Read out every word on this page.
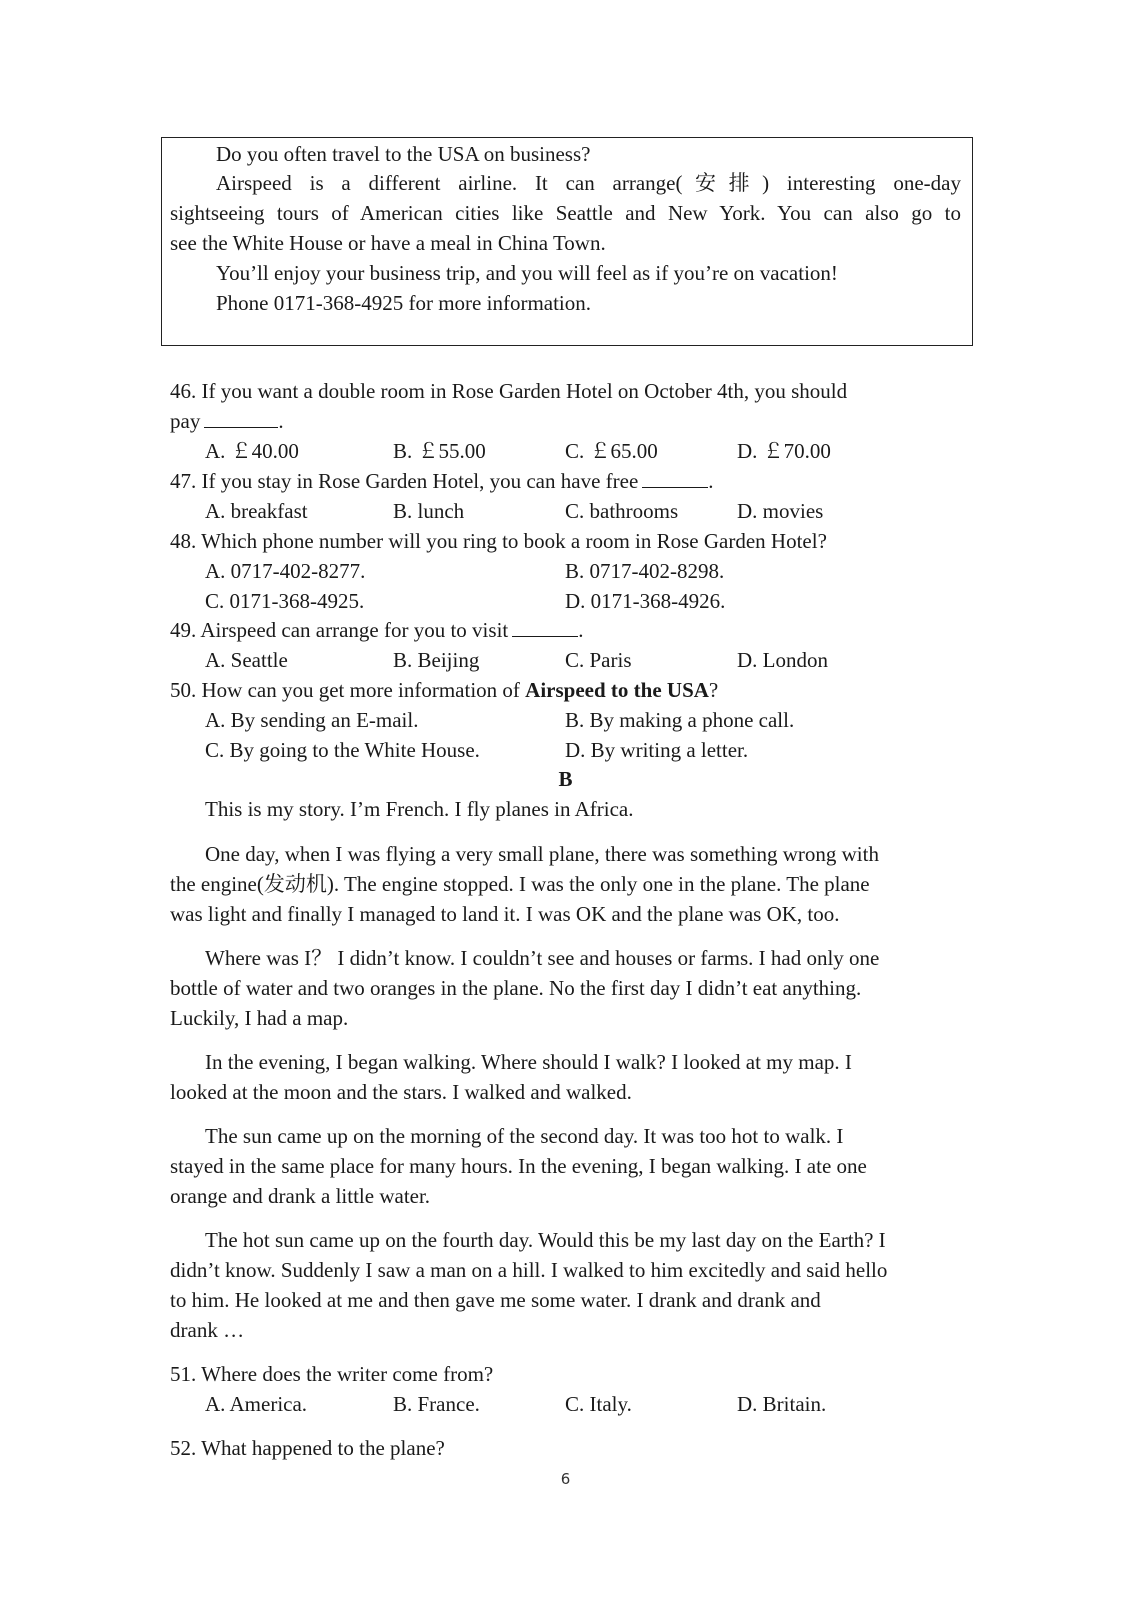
Do you often travel to the USA on business?
Airspeed is a different airline. It can arrange(安排) interesting one-day
sightseeing tours of American cities like Seattle and New York. You can also go to
see the White House or have a meal in China Town.
You’ll enjoy your business trip, and you will feel as if you’re on vacation!
Phone 0171-368-4925 for more information.
46. If you want a double room in Rose Garden Hotel on October 4th, you should
pay	.
A. ￡40.00	B. ￡55.00	C. ￡65.00	D. ￡70.00
47. If you stay in Rose Garden Hotel, you can have free	.
A. breakfast	B. lunch	C. bathrooms	D. movies
48. Which phone number will you ring to book a room in Rose Garden Hotel?
A. 0717-402-8277.	B. 0717-402-8298.
C. 0171-368-4925.	D. 0171-368-4926.
49. Airspeed can arrange for you to visit	.
A. Seattle	B. Beijing	C. Paris	D. London
50. How can you get more information of Airspeed to the USA?
A. By sending an E-mail.	B. By making a phone call.
C. By going to the White House.	D. By writing a letter.
B
This is my story. I’m French. I fly planes in Africa.
One day, when I was flying a very small plane, there was something wrong with
the engine(发动机). The engine stopped. I was the only one in the plane. The plane
was light and finally I managed to land it. I was OK and the plane was OK, too.
Where was I？ I didn’t know. I couldn’t see and houses or farms. I had only one
bottle of water and two oranges in the plane. No the first day I didn’t eat anything.
Luckily, I had a map.
In the evening, I began walking. Where should I walk? I looked at my map. I
looked at the moon and the stars. I walked and walked.
The sun came up on the morning of the second day. It was too hot to walk. I
stayed in the same place for many hours. In the evening, I began walking. I ate one
orange and drank a little water.
The hot sun came up on the fourth day. Would this be my last day on the Earth? I
didn’t know. Suddenly I saw a man on a hill. I walked to him excitedly and said hello
to him. He looked at me and then gave me some water. I drank and drank and
drank …
51. Where does the writer come from?
A. America.	B. France.	C. Italy.	D. Britain.
52. What happened to the plane?
6
